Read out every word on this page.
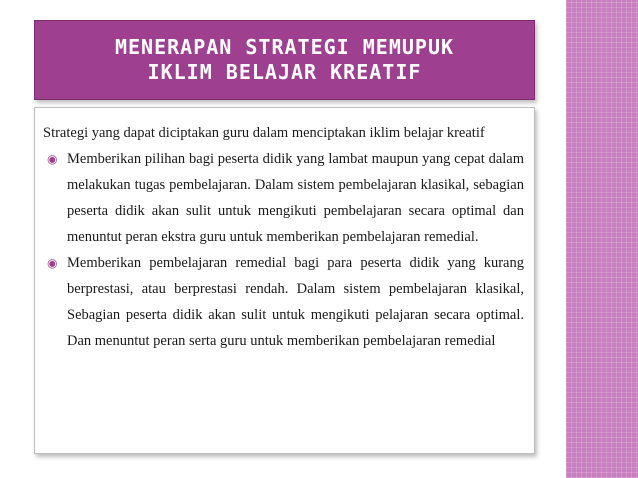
MENERAPAN STRATEGI MEMUPUK
IKLIM BELAJAR KREATIF

Strategi yang dapat diciptakan guru dalam menciptakan iklim belajar kreatif

◉ Memberikan pilihan bagi peserta didik yang lambat maupun yang cepat dalam melakukan tugas pembelajaran. Dalam sistem pembelajaran klasikal, sebagian peserta didik akan sulit untuk mengikuti pembelajaran secara optimal dan menuntut peran ekstra guru untuk memberikan pembelajaran remedial.
◉ Memberikan pembelajaran remedial bagi para peserta didik yang kurang berprestasi, atau berprestasi rendah. Dalam sistem pembelajaran klasikal, Sebagian peserta didik akan sulit untuk mengikuti pelajaran secara optimal. Dan menuntut peran serta guru untuk memberikan pembelajaran remedial
